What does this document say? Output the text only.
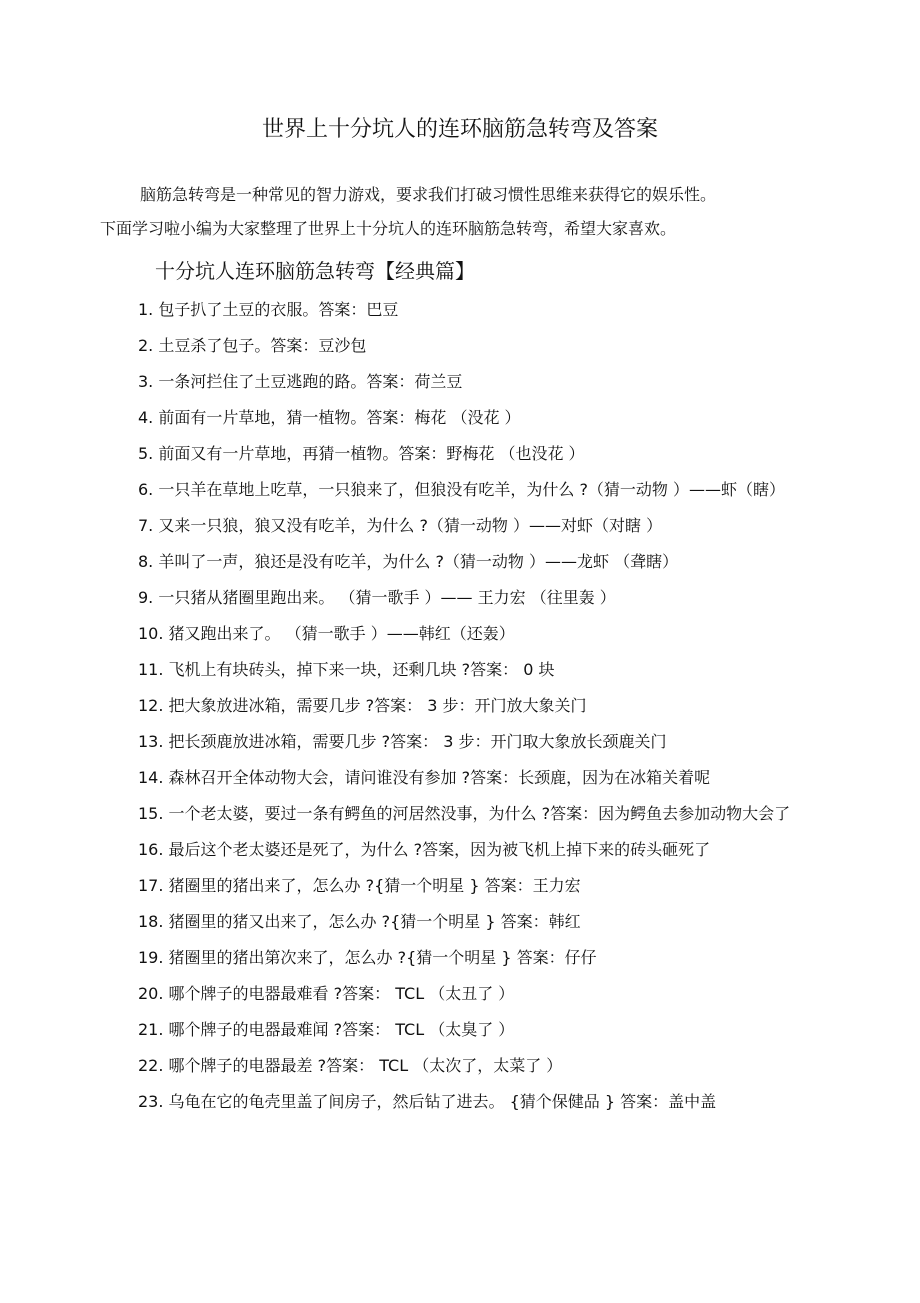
世界上十分坑人的连环脑筋急转弯及答案

脑筋急转弯是一种常见的智力游戏，要求我们打破习惯性思维来获得它的娱乐性。

下面学习啦小编为大家整理了世界上十分坑人的连环脑筋急转弯，希望大家喜欢。

十分坑人连环脑筋急转弯【经典篇】
1. 包子扒了土豆的衣服。答案：巴豆
2. 土豆杀了包子。答案：豆沙包
3. 一条河拦住了土豆逃跑的路。答案：荷兰豆
4. 前面有一片草地，猜一植物。答案：梅花 （没花 ）
5. 前面又有一片草地，再猜一植物。答案：野梅花 （也没花 ）
6. 一只羊在草地上吃草，一只狼来了，但狼没有吃羊，为什么 ?（猜一动物 ）——虾（瞎）
7. 又来一只狼，狼又没有吃羊，为什么 ?（猜一动物 ）——对虾（对瞎 ）
8. 羊叫了一声，狼还是没有吃羊，为什么 ?（猜一动物 ）——龙虾 （聋瞎）
9. 一只猪从猪圈里跑出来。 （猜一歌手 ）—— 王力宏 （往里轰 ）
10. 猪又跑出来了。 （猜一歌手 ）——韩红（还轰）
11. 飞机上有块砖头，掉下来一块，还剩几块 ?答案： 0 块
12. 把大象放进冰箱，需要几步 ?答案： 3 步：开门放大象关门
13. 把长颈鹿放进冰箱，需要几步 ?答案： 3 步：开门取大象放长颈鹿关门
14. 森林召开全体动物大会，请问谁没有参加 ?答案：长颈鹿，因为在冰箱关着呢
15. 一个老太婆，要过一条有鳄鱼的河居然没事，为什么 ?答案：因为鳄鱼去参加动物大会了
16. 最后这个老太婆还是死了，为什么 ?答案，因为被飞机上掉下来的砖头砸死了
17. 猪圈里的猪出来了，怎么办 ?{猜一个明星 } 答案：王力宏
18. 猪圈里的猪又出来了，怎么办 ?{猜一个明星 } 答案：韩红
19. 猪圈里的猪出第次来了，怎么办 ?{猜一个明星 } 答案：仔仔
20. 哪个牌子的电器最难看 ?答案： TCL （太丑了 ）
21. 哪个牌子的电器最难闻 ?答案： TCL （太臭了 ）
22. 哪个牌子的电器最差 ?答案： TCL （太次了，太菜了 ）
23. 乌龟在它的龟壳里盖了间房子，然后钻了进去。 {猜个保健品 } 答案：盖中盖
